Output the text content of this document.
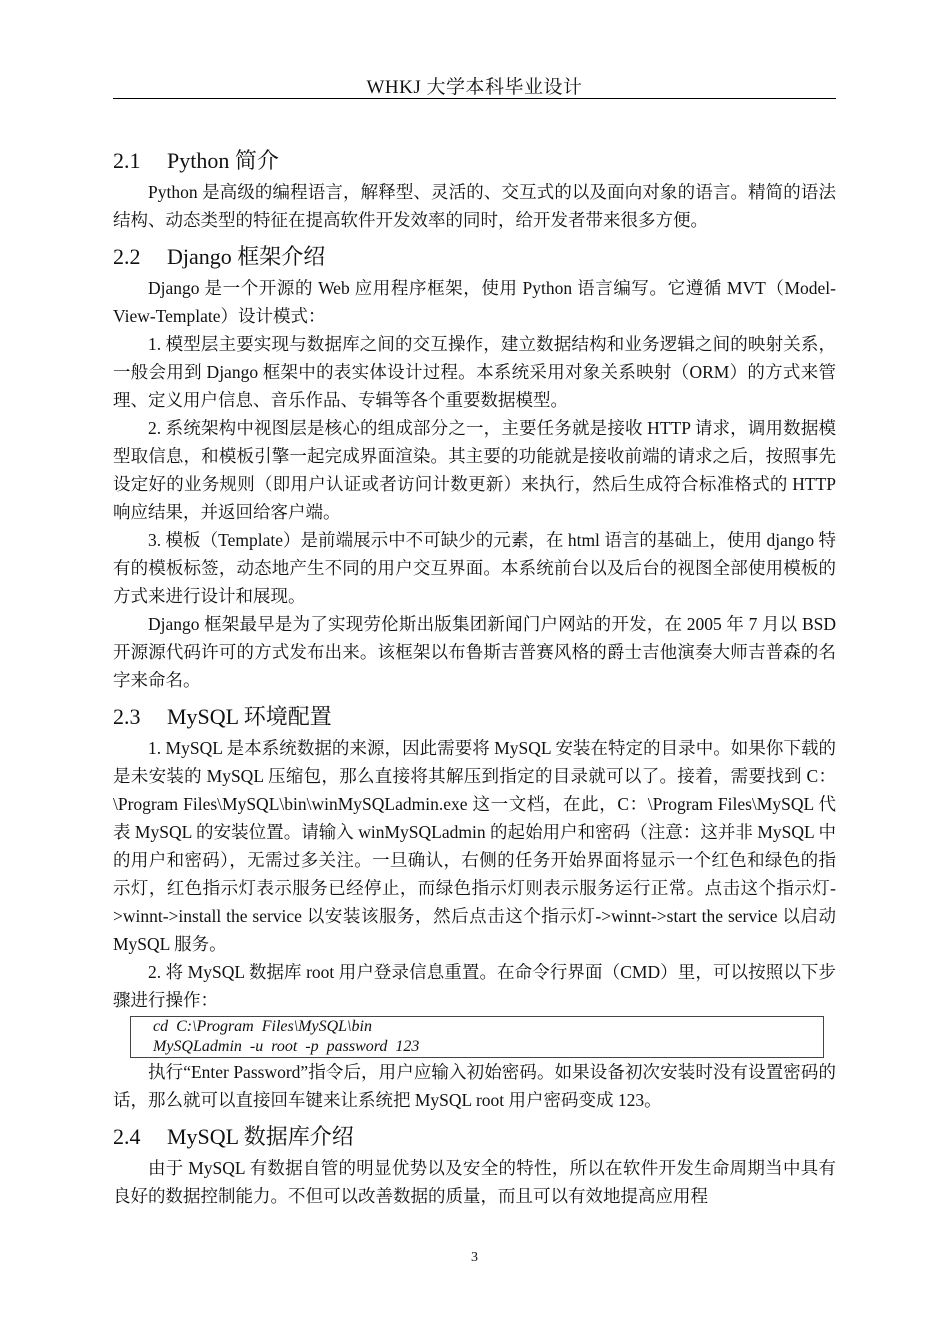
WHKJ 大学本科毕业设计
2.1 Python 简介

Python 是高级的编程语言，解释型、灵活的、交互式的以及面向对象的语言。精简的语法结构、动态类型的特征在提高软件开发效率的同时，给开发者带来很多方便。

2.2 Django 框架介绍

Django 是一个开源的 Web 应用程序框架，使用 Python 语言编写。它遵循 MVT（Model-View-Template）设计模式：

1. 模型层主要实现与数据库之间的交互操作，建立数据结构和业务逻辑之间的映射关系，一般会用到 Django 框架中的表实体设计过程。本系统采用对象关系映射（ORM）的方式来管理、定义用户信息、音乐作品、专辑等各个重要数据模型。

2. 系统架构中视图层是核心的组成部分之一，主要任务就是接收 HTTP 请求，调用数据模型取信息，和模板引擎一起完成界面渲染。其主要的功能就是接收前端的请求之后，按照事先设定好的业务规则（即用户认证或者访问计数更新）来执行，然后生成符合标准格式的 HTTP 响应结果，并返回给客户端。

3. 模板（Template）是前端展示中不可缺少的元素，在 html 语言的基础上，使用 django 特有的模板标签，动态地产生不同的用户交互界面。本系统前台以及后台的视图全部使用模板的方式来进行设计和展现。

Django 框架最早是为了实现劳伦斯出版集团新闻门户网站的开发，在 2005 年 7 月以 BSD 开源源代码许可的方式发布出来。该框架以布鲁斯吉普赛风格的爵士吉他演奏大师吉普森的名字来命名。

2.3 MySQL 环境配置

1. MySQL 是本系统数据的来源，因此需要将 MySQL 安装在特定的目录中。如果你下载的是未安装的 MySQL 压缩包，那么直接将其解压到指定的目录就可以了。接着，需要找到 C：\Program Files\MySQL\bin\winMySQLadmin.exe 这一文档，在此，C：\Program Files\MySQL 代表 MySQL 的安装位置。请输入 winMySQLadmin 的起始用户和密码（注意：这并非 MySQL 中的用户和密码），无需过多关注。一旦确认，右侧的任务开始界面将显示一个红色和绿色的指示灯，红色指示灯表示服务已经停止，而绿色指示灯则表示服务运行正常。点击这个指示灯->winnt->install the service 以安装该服务，然后点击这个指示灯->winnt->start the service 以启动 MySQL 服务。

2. 将 MySQL 数据库 root 用户登录信息重置。在命令行界面（CMD）里，可以按照以下步骤进行操作：

cd  C:\Program  Files\MySQL\bin
MySQLadmin  -u  root  -p  password  123

执行“Enter Password”指令后，用户应输入初始密码。如果设备初次安装时没有设置密码的话，那么就可以直接回车键来让系统把 MySQL root 用户密码变成 123。

2.4 MySQL 数据库介绍

由于 MySQL 有数据自管的明显优势以及安全的特性，所以在软件开发生命周期当中具有良好的数据控制能力。不但可以改善数据的质量，而且可以有效地提高应用程

3
